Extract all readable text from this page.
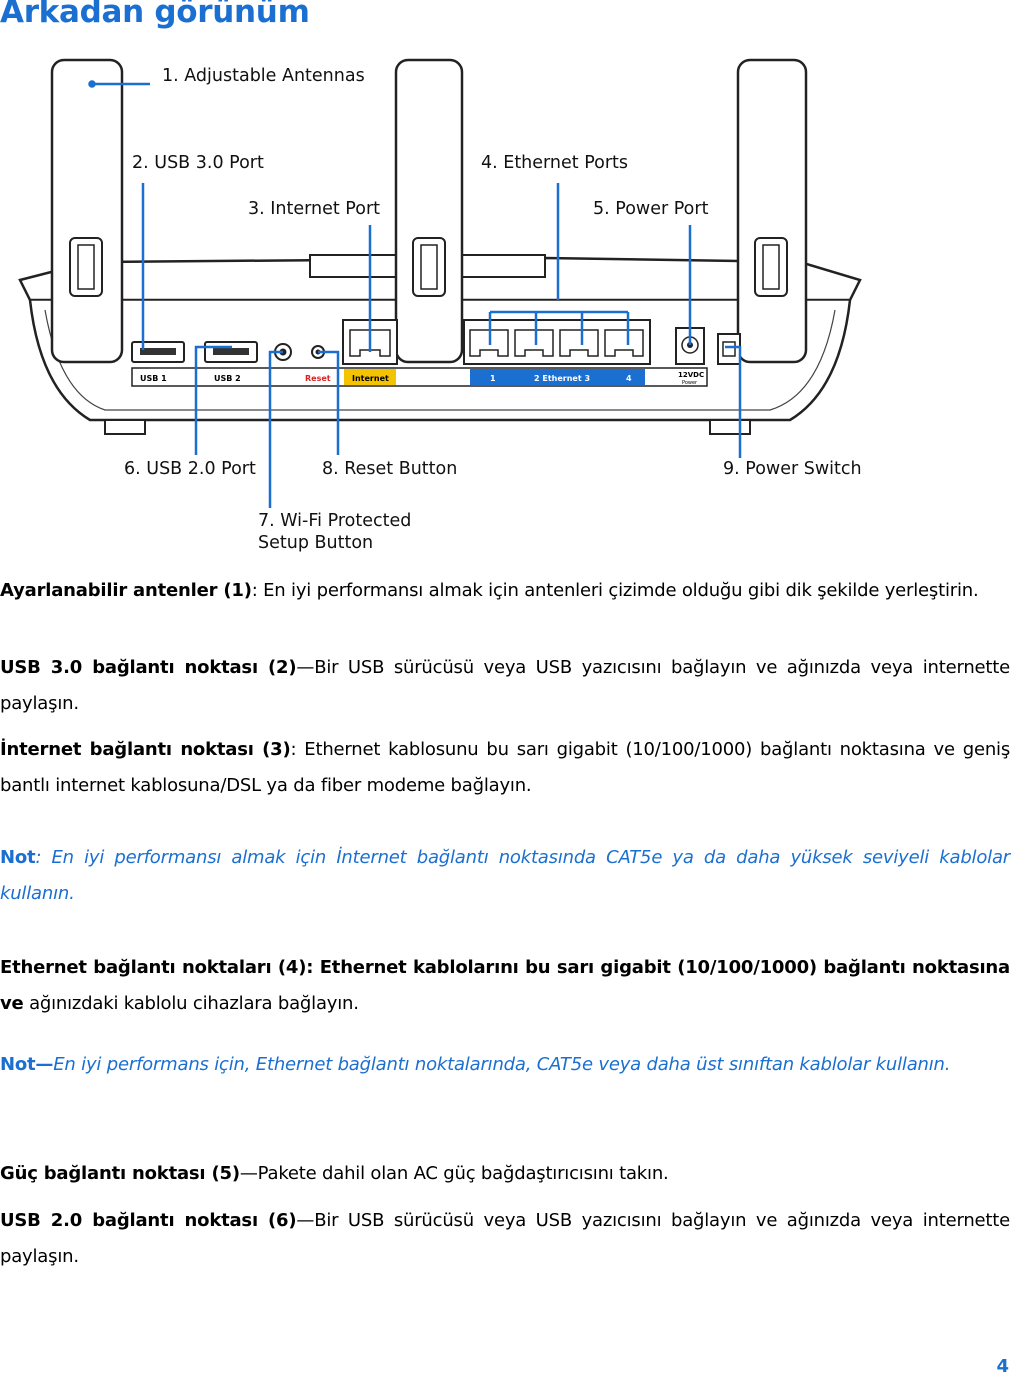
Arkadan görünüm
USB 1	USB 2	Reset	Internet	1	2 Ethernet 3	4	12VDC
Power
1. Adjustable Antennas
2. USB 3.0 Port
3. Internet Port
4. Ethernet Ports
5. Power Port
6. USB 2.0 Port
7. Wi-Fi Protected
Setup Button
8. Reset Button	9. Power Switch

Ayarlanabilir antenler (1): En iyi performansı almak için antenleri çizimde olduğu gibi dik şekilde yerleştirin.

USB 3.0 bağlantı noktası (2)—Bir USB sürücüsü veya USB yazıcısını bağlayın ve ağınızda veya internette paylaşın.

İnternet bağlantı noktası (3): Ethernet kablosunu bu sarı gigabit (10/100/1000) bağlantı noktasına ve geniş bantlı internet kablosuna/DSL ya da fiber modeme bağlayın.

Not: En iyi performansı almak için İnternet bağlantı noktasında CAT5e ya da daha yüksek seviyeli kablolar kullanın.

Ethernet bağlantı noktaları (4): Ethernet kablolarını bu sarı gigabit (10/100/1000) bağlantı noktasına ve ağınızdaki kablolu cihazlara bağlayın.

Not—En iyi performans için, Ethernet bağlantı noktalarında, CAT5e veya daha üst sınıftan kablolar kullanın.

Güç bağlantı noktası (5)—Pakete dahil olan AC güç bağdaştırıcısını takın.

USB 2.0 bağlantı noktası (6)—Bir USB sürücüsü veya USB yazıcısını bağlayın ve ağınızda veya internette paylaşın.

4
